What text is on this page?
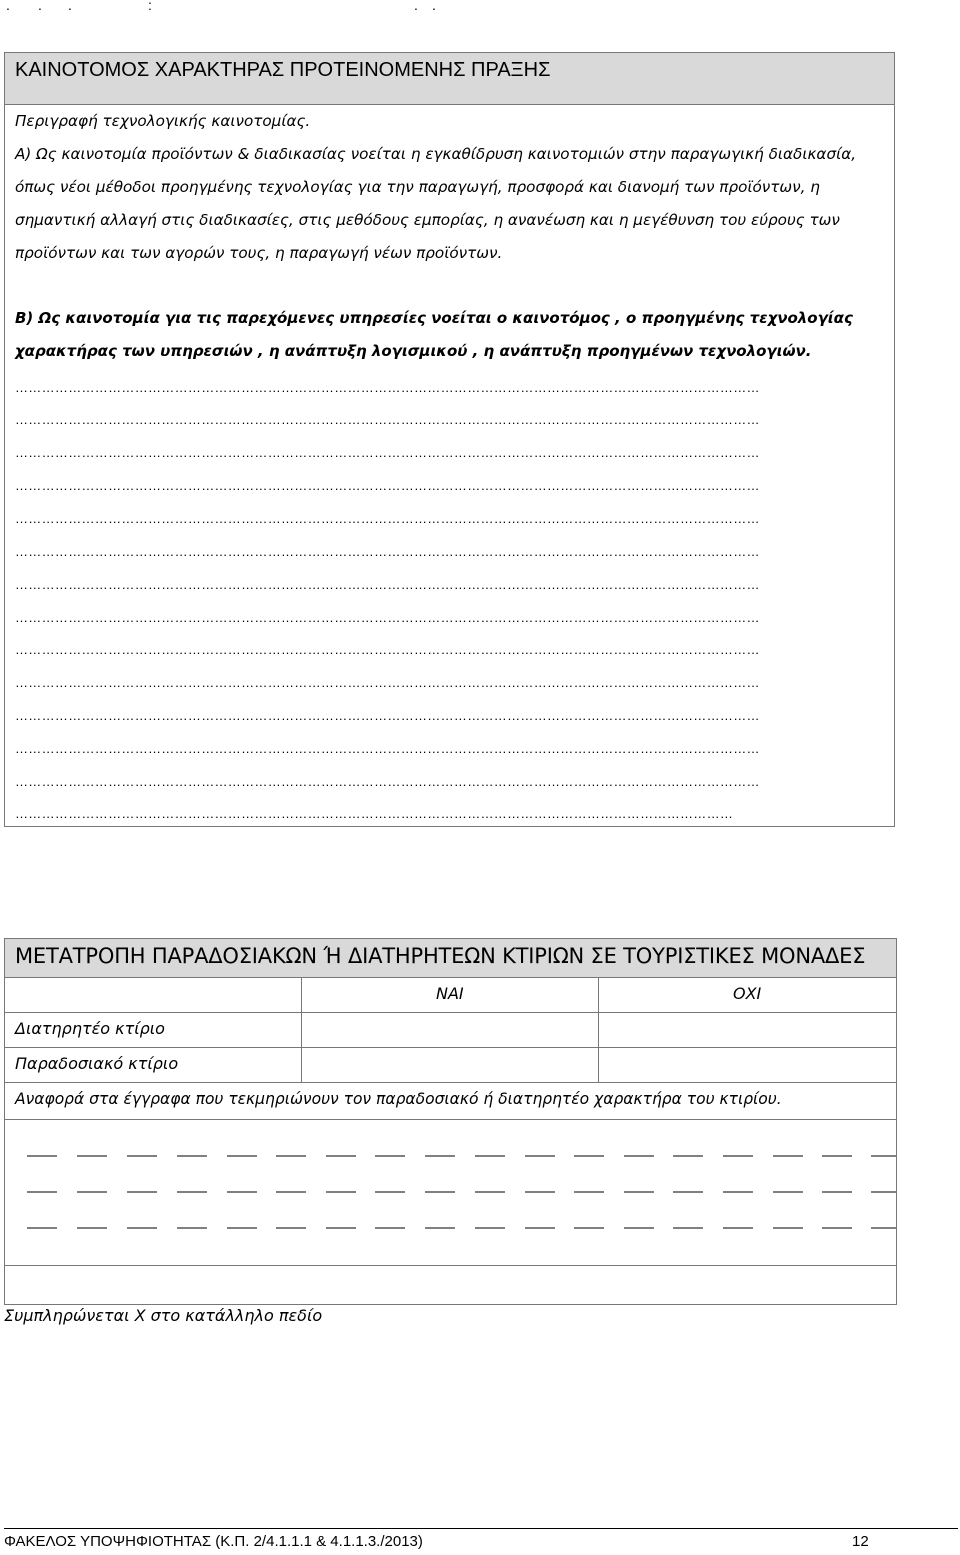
. . .	:	. .
ΚΑΙΝΟΤΟΜΟΣ ΧΑΡΑΚΤΗΡΑΣ ΠΡΟΤΕΙΝΟΜΕΝΗΣ ΠΡΑΞΗΣ
Περιγραφή τεχνολογικής καινοτομίας.
Α) Ως καινοτομία προϊόντων & διαδικασίας νοείται η εγκαθίδρυση καινοτομιών στην παραγωγική διαδικασία, όπως νέοι μέθοδοι προηγμένης τεχνολογίας για την παραγωγή, προσφορά και διανομή των προϊόντων, η σημαντική αλλαγή στις διαδικασίες, στις μεθόδους εμπορίας, η ανανέωση και η μεγέθυνση του εύρους των προϊόντων και των αγορών τους, η παραγωγή νέων προϊόντων.
Β) Ως καινοτομία για τις παρεχόμενες υπηρεσίες νοείται ο καινοτόμος , ο προηγμένης τεχνολογίας χαρακτήρας των υπηρεσιών , η ανάπτυξη λογισμικού , η ανάπτυξη προηγμένων τεχνολογιών.
……………………………………………………………………………………………………………………………………………………
……………………………………………………………………………………………………………………………………………………
……………………………………………………………………………………………………………………………………………………
……………………………………………………………………………………………………………………………………………………
……………………………………………………………………………………………………………………………………………………
……………………………………………………………………………………………………………………………………………………
……………………………………………………………………………………………………………………………………………………
……………………………………………………………………………………………………………………………………………………
……………………………………………………………………………………………………………………………………………………
……………………………………………………………………………………………………………………………………………………
……………………………………………………………………………………………………………………………………………………
……………………………………………………………………………………………………………………………………………………
……………………………………………………………………………………………………………………………………………………
………………………………………………………………………………………………………………………………………………
ΜΕΤΑΤΡΟΠΗ ΠΑΡΑΔΟΣΙΑΚΩΝ Ή ΔΙΑΤΗΡΗΤΕΩΝ ΚΤΙΡΙΩΝ ΣΕ ΤΟΥΡΙΣΤΙΚΕΣ ΜΟΝΑΔΕΣ
ΝΑΙ	ΟΧΙ
Διατηρητέο κτίριο
Παραδοσιακό κτίριο
Αναφορά στα έγγραφα που τεκμηριώνουν τον παραδοσιακό ή διατηρητέο χαρακτήρα του κτιρίου.
Συμπληρώνεται Χ στο κατάλληλο πεδίο
ΦΑΚΕΛΟΣ ΥΠΟΨΗΦΙΟΤΗΤΑΣ (Κ.Π. 2/4.1.1.1 & 4.1.1.3./2013)	12
